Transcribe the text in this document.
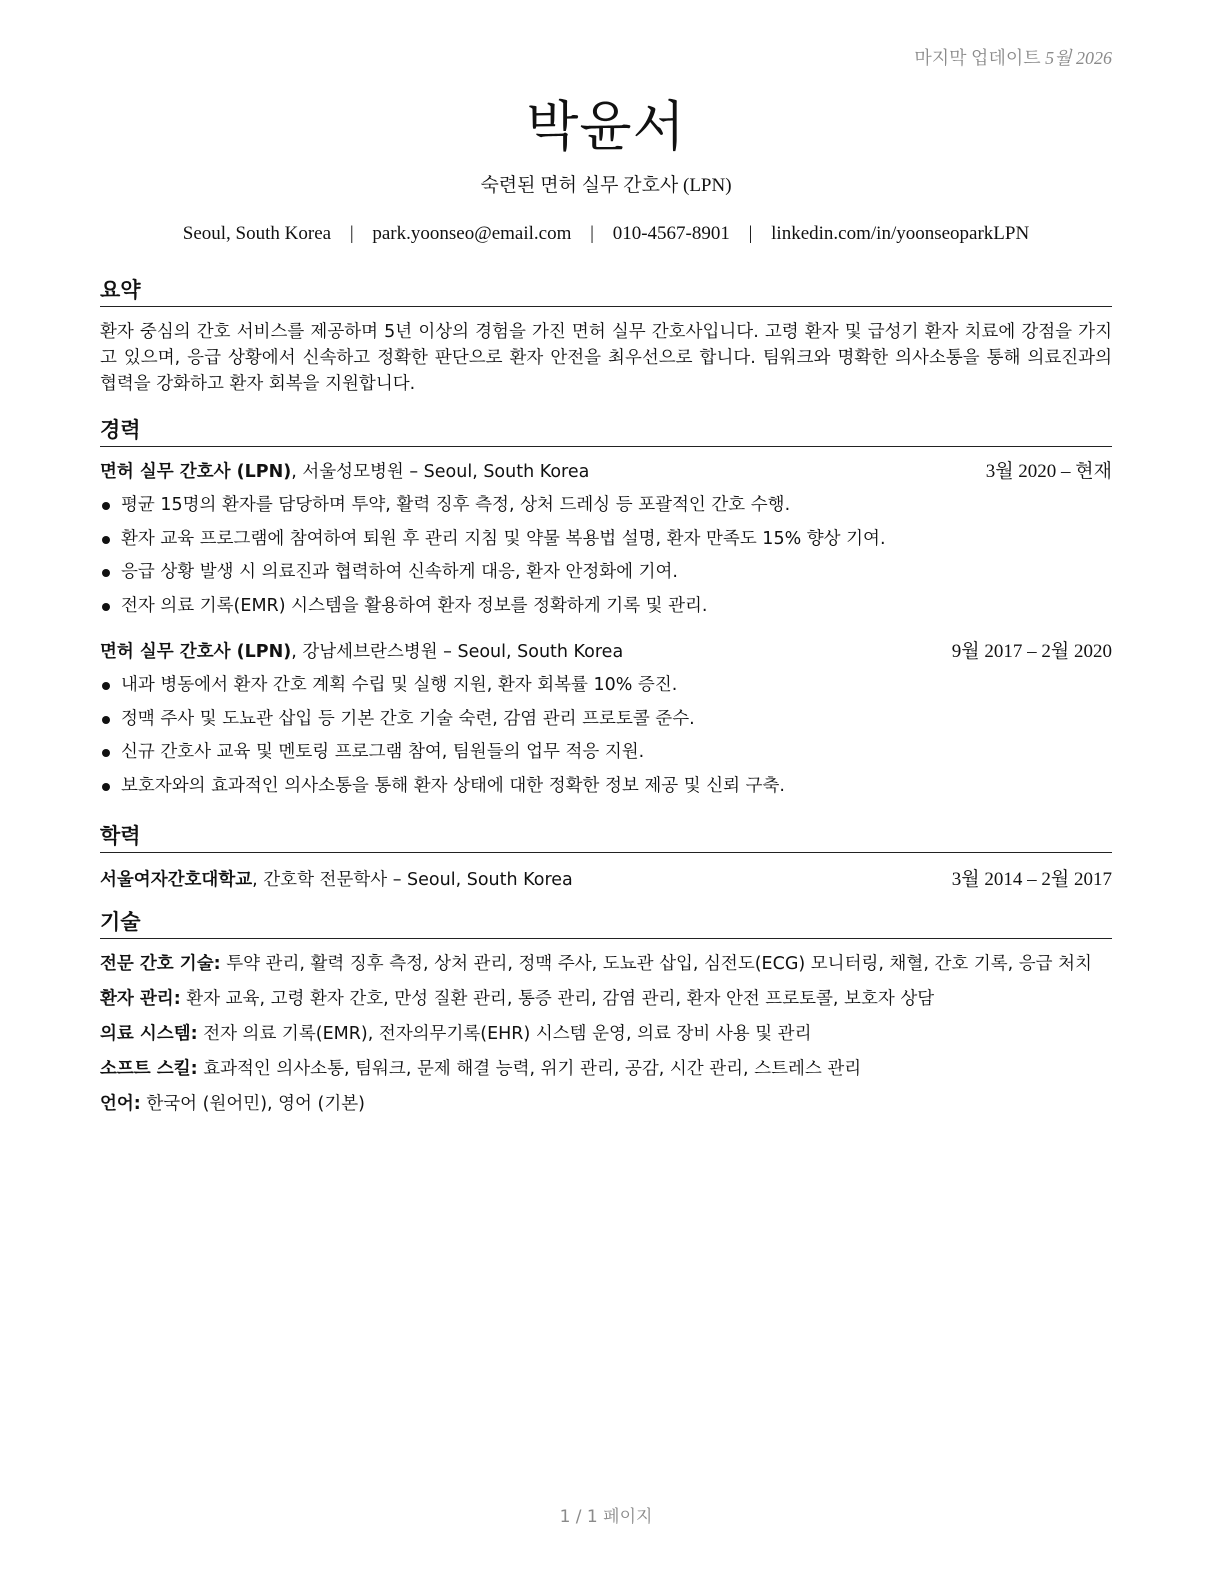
마지막 업데이트 5월 2026
박윤서
숙련된 면허 실무 간호사 (LPN)
Seoul, South Korea | park.yoonseo@email.com | 010-4567-8901 | linkedin.com/in/yoonseoparkLPN
요약
환자 중심의 간호 서비스를 제공하며 5년 이상의 경험을 가진 면허 실무 간호사입니다. 고령 환자 및 급성기 환자 치료에 강점을 가지고 있으며, 응급 상황에서 신속하고 정확한 판단으로 환자 안전을 최우선으로 합니다. 팀워크와 명확한 의사소통을 통해 의료진과의 협력을 강화하고 환자 회복을 지원합니다.
경력
면허 실무 간호사 (LPN), 서울성모병원 – Seoul, South Korea	3월 2020 – 현재
평균 15명의 환자를 담당하며 투약, 활력 징후 측정, 상처 드레싱 등 포괄적인 간호 수행.
환자 교육 프로그램에 참여하여 퇴원 후 관리 지침 및 약물 복용법 설명, 환자 만족도 15% 향상 기여.
응급 상황 발생 시 의료진과 협력하여 신속하게 대응, 환자 안정화에 기여.
전자 의료 기록(EMR) 시스템을 활용하여 환자 정보를 정확하게 기록 및 관리.
면허 실무 간호사 (LPN), 강남세브란스병원 – Seoul, South Korea	9월 2017 – 2월 2020
내과 병동에서 환자 간호 계획 수립 및 실행 지원, 환자 회복률 10% 증진.
정맥 주사 및 도뇨관 삽입 등 기본 간호 기술 숙련, 감염 관리 프로토콜 준수.
신규 간호사 교육 및 멘토링 프로그램 참여, 팀원들의 업무 적응 지원.
보호자와의 효과적인 의사소통을 통해 환자 상태에 대한 정확한 정보 제공 및 신뢰 구축.
학력
서울여자간호대학교, 간호학 전문학사 – Seoul, South Korea	3월 2014 – 2월 2017
기술
전문 간호 기술: 투약 관리, 활력 징후 측정, 상처 관리, 정맥 주사, 도뇨관 삽입, 심전도(ECG) 모니터링, 채혈, 간호 기록, 응급 처치
환자 관리: 환자 교육, 고령 환자 간호, 만성 질환 관리, 통증 관리, 감염 관리, 환자 안전 프로토콜, 보호자 상담
의료 시스템: 전자 의료 기록(EMR), 전자의무기록(EHR) 시스템 운영, 의료 장비 사용 및 관리
소프트 스킬: 효과적인 의사소통, 팀워크, 문제 해결 능력, 위기 관리, 공감, 시간 관리, 스트레스 관리
언어: 한국어 (원어민), 영어 (기본)
1 / 1 페이지
